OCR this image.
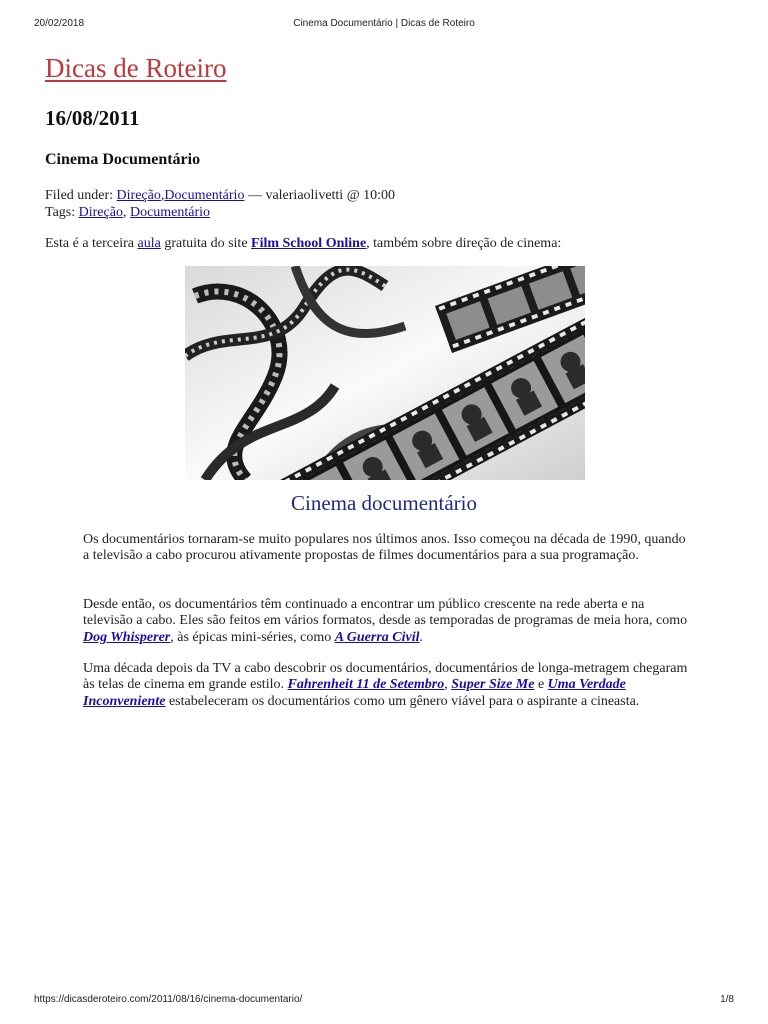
20/02/2018	Cinema Documentário | Dicas de Roteiro
Dicas de Roteiro
16/08/2011
Cinema Documentário
Filed under: Direção,Documentário — valeriaolivetti @ 10:00
Tags: Direção, Documentário
Esta é a terceira aula gratuita do site Film School Online, também sobre direção de cinema:
Cinema documentário

Os documentários tornaram-se muito populares nos últimos anos. Isso começou na década de 1990, quando a televisão a cabo procurou ativamente propostas de filmes documentários para a sua programação.

Desde então, os documentários têm continuado a encontrar um público crescente na rede aberta e na televisão a cabo. Eles são feitos em vários formatos, desde as temporadas de programas de meia hora, como Dog Whisperer, às épicas mini-séries, como A Guerra Civil.

Uma década depois da TV a cabo descobrir os documentários, documentários de longa-metragem chegaram às telas de cinema em grande estilo. Fahrenheit 11 de Setembro, Super Size Me e Uma Verdade Inconveniente estabeleceram os documentários como um gênero viável para o aspirante a cineasta.

https://dicasderoteiro.com/2011/08/16/cinema-documentario/	1/8
